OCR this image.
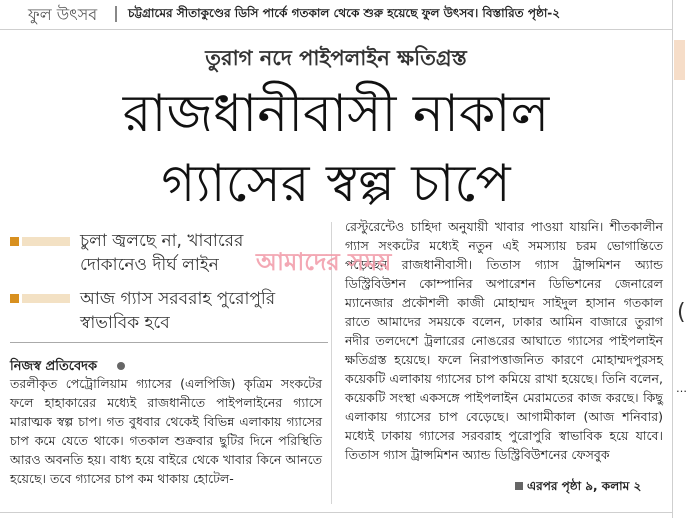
ফুল উৎসব	চট্টগ্রামের সীতাকুণ্ডের ডিসি পার্কে গতকাল থেকে শুরু হয়েছে ফুল উৎসব। বিস্তারিত পৃষ্ঠা-২
তুরাগ নদে পাইপলাইন ক্ষতিগ্রস্ত
রাজধানীবাসী নাকাল
গ্যাসের স্বল্প চাপে
চুলা জ্বলছে না, খাবারের দোকানেও দীর্ঘ লাইন
আজ গ্যাস সরবরাহ পুরোপুরি স্বাভাবিক হবে
নিজস্ব প্রতিবেদক
তরলীকৃত পেট্রোলিয়াম গ্যাসের (এলপিজি) কৃত্রিম সংকটের ফলে হাহাকারের মধ্যেই রাজধানীতে পাইপলাইনের গ্যাসে মারাত্মক স্বল্প চাপ। গত বুধবার থেকেই বিভিন্ন এলাকায় গ্যাসের চাপ কমে যেতে থাকে। গতকাল শুক্রবার ছুটির দিনে পরিস্থিতি আরও অবনতি হয়। বাধ্য হয়ে বাইরে থেকে খাবার কিনে আনতে হয়েছে। তবে গ্যাসের চাপ কম থাকায় হোটেল-
রেস্টুরেন্টেও চাহিদা অনুযায়ী খাবার পাওয়া যায়নি। শীতকালীন গ্যাস সংকটের মধ্যেই নতুন এই সমস্যায় চরম ভোগান্তিতে পড়েছেন রাজধানীবাসী। তিতাস গ্যাস ট্রান্সমিশন অ্যান্ড ডিস্ট্রিবিউশন কোম্পানির অপারেশন ডিভিশনের জেনারেল ম্যানেজার প্রকৌশলী কাজী মোহাম্মদ সাইদুল হাসান গতকাল রাতে আমাদের সময়কে বলেন, ঢাকার আমিন বাজারে তুরাগ নদীর তলদেশে ট্রলারের নোঙরের আঘাতে গ্যাসের পাইপলাইন ক্ষতিগ্রস্ত হয়েছে। ফলে নিরাপত্তাজনিত কারণে মোহাম্মদপুরসহ কয়েকটি এলাকায় গ্যাসের চাপ কমিয়ে রাখা হয়েছে। তিনি বলেন, কয়েকটি সংস্থা একসঙ্গে পাইপলাইন মেরামতের কাজ করছে। কিছু এলাকায় গ্যাসের চাপ বেড়েছে। আগামীকাল (আজ শনিবার) মধ্যেই ঢাকায় গ্যাসের সরবরাহ পুরোপুরি স্বাভাবিক হয়ে যাবে। তিতাস গ্যাস ট্রান্সমিশন অ্যান্ড ডিস্ট্রিবিউশনের ফেসবুক
এরপর পৃষ্ঠা ৯, কলাম ২
আমাদের সময়
(
…
